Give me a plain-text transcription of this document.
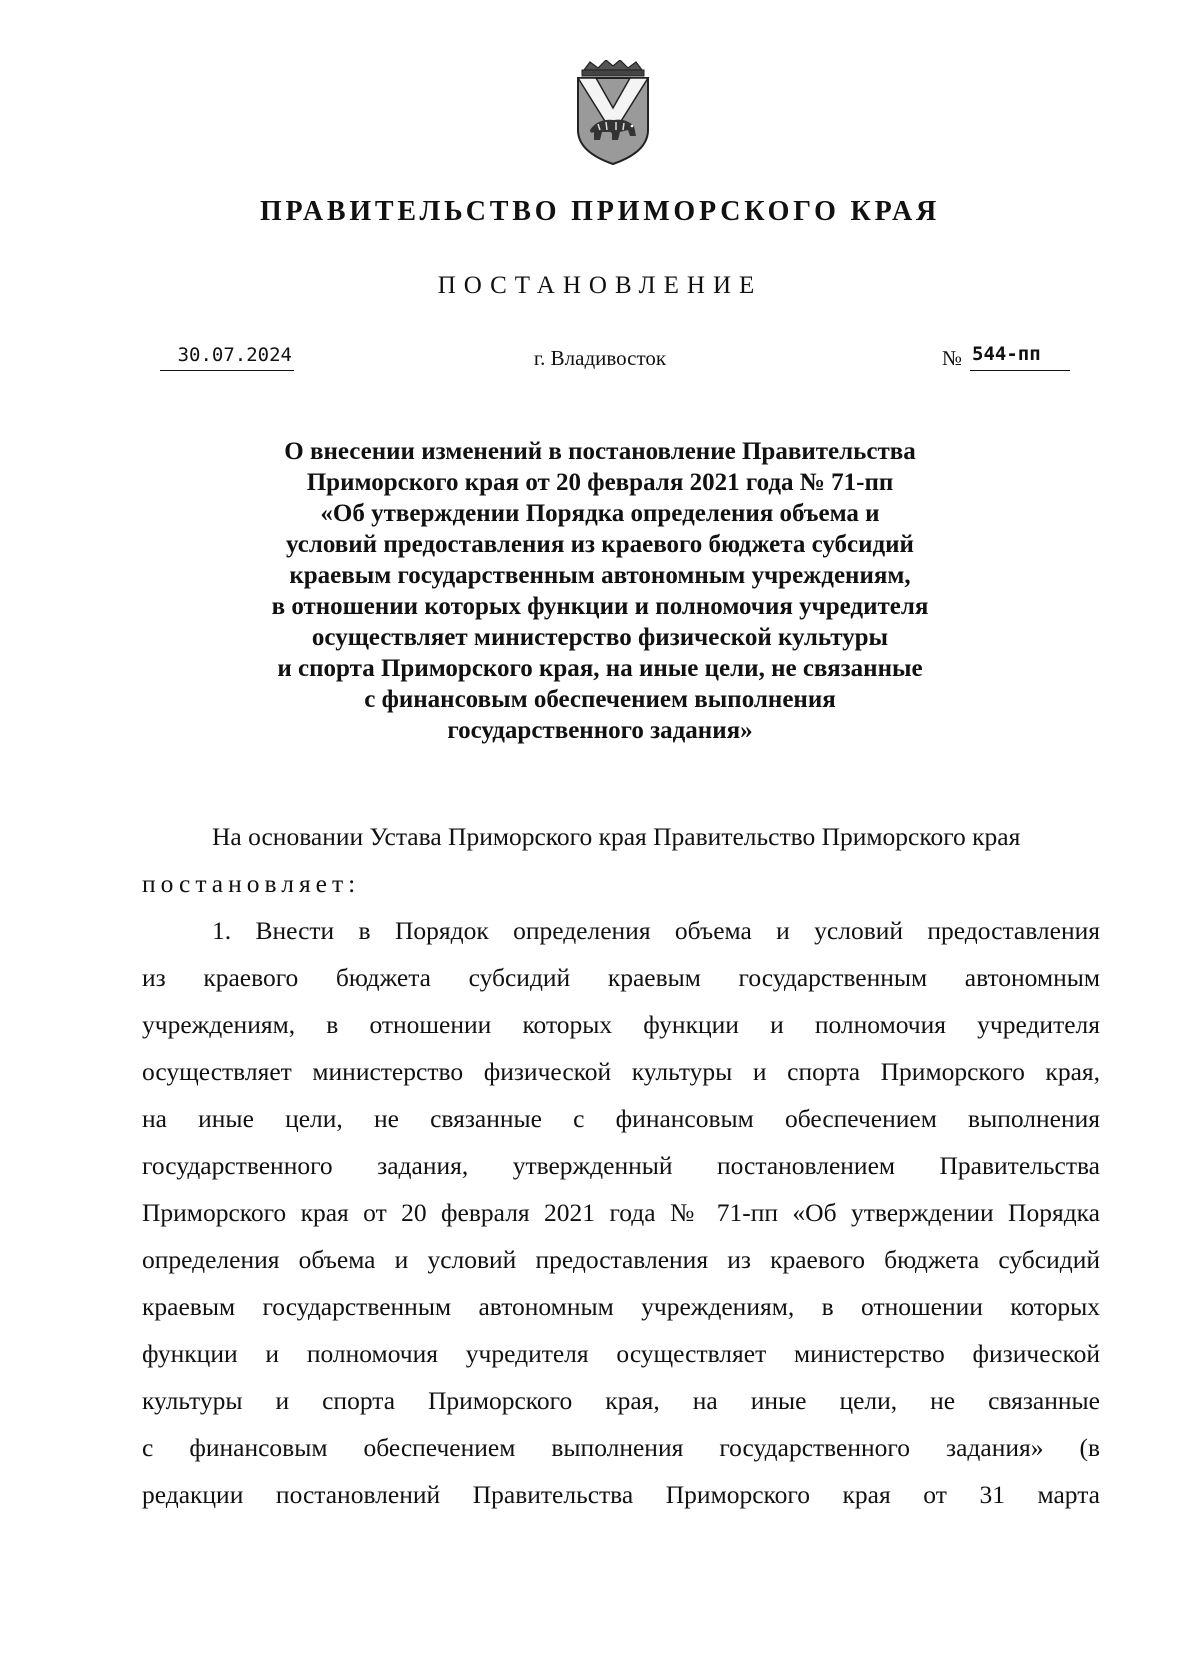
ПРАВИТЕЛЬСТВО ПРИМОРСКОГО КРАЯ
ПОСТАНОВЛЕНИЕ
30.07.2024	г. Владивосток	№ 544-пп
О внесении изменений в постановление Правительства
Приморского края от 20 февраля 2021 года № 71-пп
«Об утверждении Порядка определения объема и
условий предоставления из краевого бюджета субсидий
краевым государственным автономным учреждениям,
в отношении которых функции и полномочия учредителя
осуществляет министерство физической культуры
и спорта Приморского края, на иные цели, не связанные
с финансовым обеспечением выполнения
государственного задания»
На основании Устава Приморского края Правительство Приморского края
постановляет:
1. Внести в Порядок определения объема и условий предоставления
из краевого бюджета субсидий краевым государственным автономным
учреждениям, в отношении которых функции и полномочия учредителя
осуществляет министерство физической культуры и спорта Приморского края,
на иные цели, не связанные с финансовым обеспечением выполнения
государственного задания, утвержденный постановлением Правительства
Приморского края от 20 февраля 2021 года № 71-пп «Об утверждении Порядка
определения объема и условий предоставления из краевого бюджета субсидий
краевым государственным автономным учреждениям, в отношении которых
функции и полномочия учредителя осуществляет министерство физической
культуры и спорта Приморского края, на иные цели, не связанные
с финансовым обеспечением выполнения государственного задания» (в
редакции постановлений Правительства Приморского края от 31 марта
